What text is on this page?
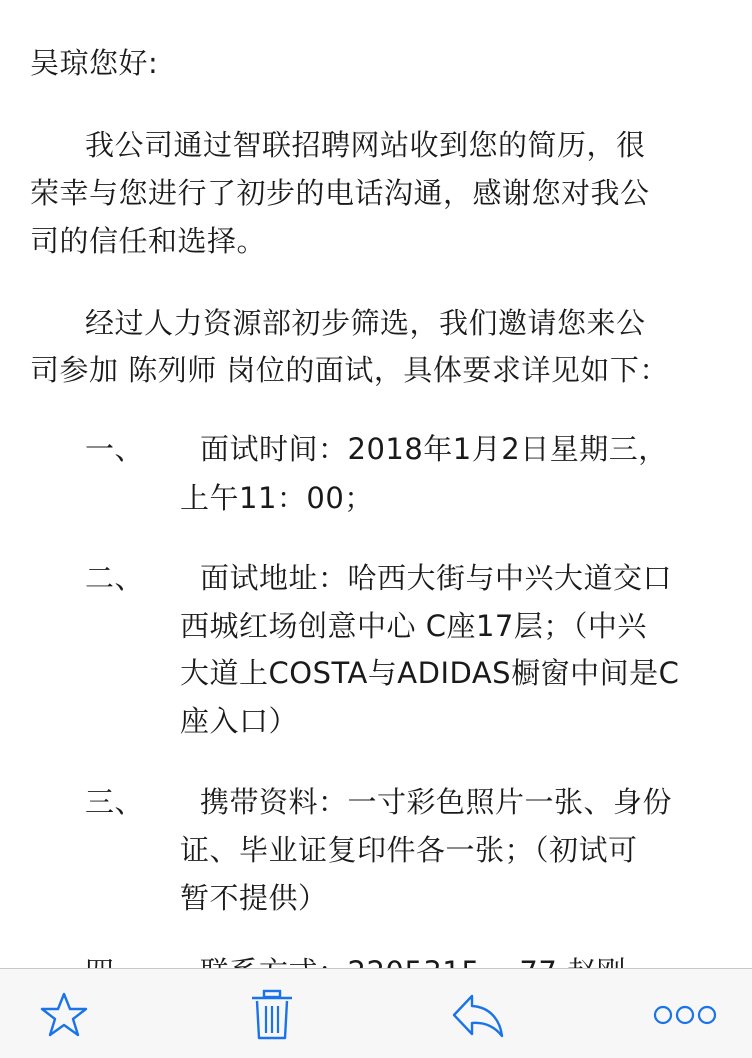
吴琼您好:
我公司通过智联招聘网站收到您的简历，很
荣幸与您进行了初步的电话沟通，感谢您对我公
司的信任和选择。
经过人力资源部初步筛选，我们邀请您来公
司参加 陈列师 岗位的面试，具体要求详见如下：
一、 面试时间：2018年1月2日星期三，
上午11：00；
二、 面试地址：哈西大街与中兴大道交口
西城红场创意中心 C座17层；（中兴
大道上COSTA与ADIDAS橱窗中间是C
座入口）
三、 携带资料：一寸彩色照片一张、身份
证、毕业证复印件各一张；（初试可
暂不提供）
